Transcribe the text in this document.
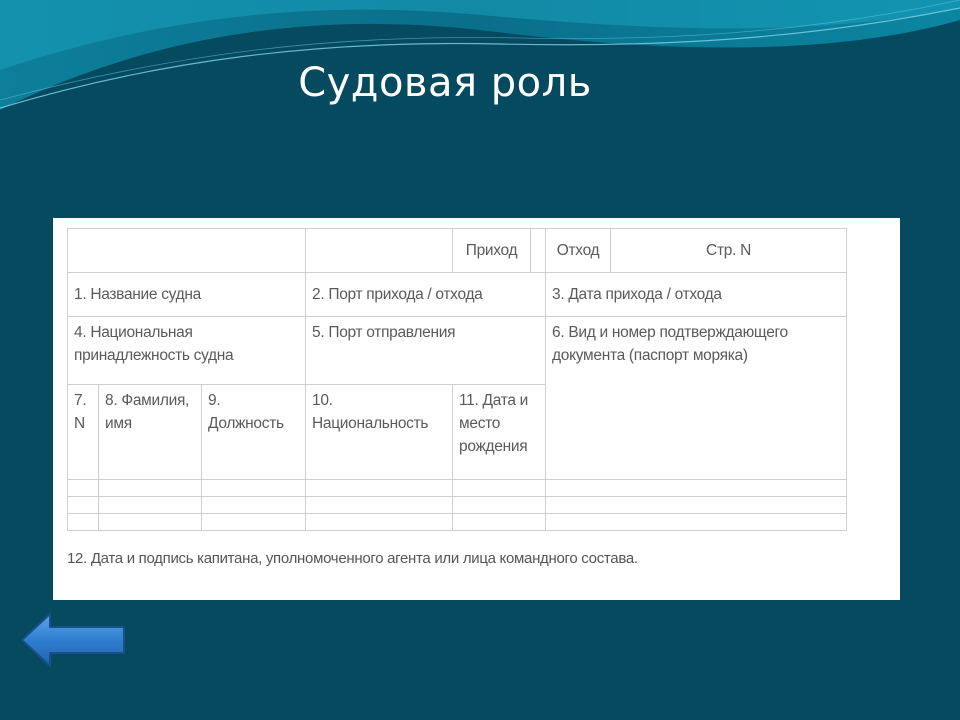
Судовая роль
				Приход		Отход	Стр. N
1. Название судна			2. Порт прихода / отхода			3. Дата прихода / отхода	
4. Национальная принадлежность судна			5. Порт отправления			6. Вид и номер подтверждающего документа (паспорт моряка)	
7. N	8. Фамилия, имя	9. Должность	10. Национальность	11. Дата и место рождения			

12. Дата и подпись капитана, уполномоченного агента или лица командного состава.
